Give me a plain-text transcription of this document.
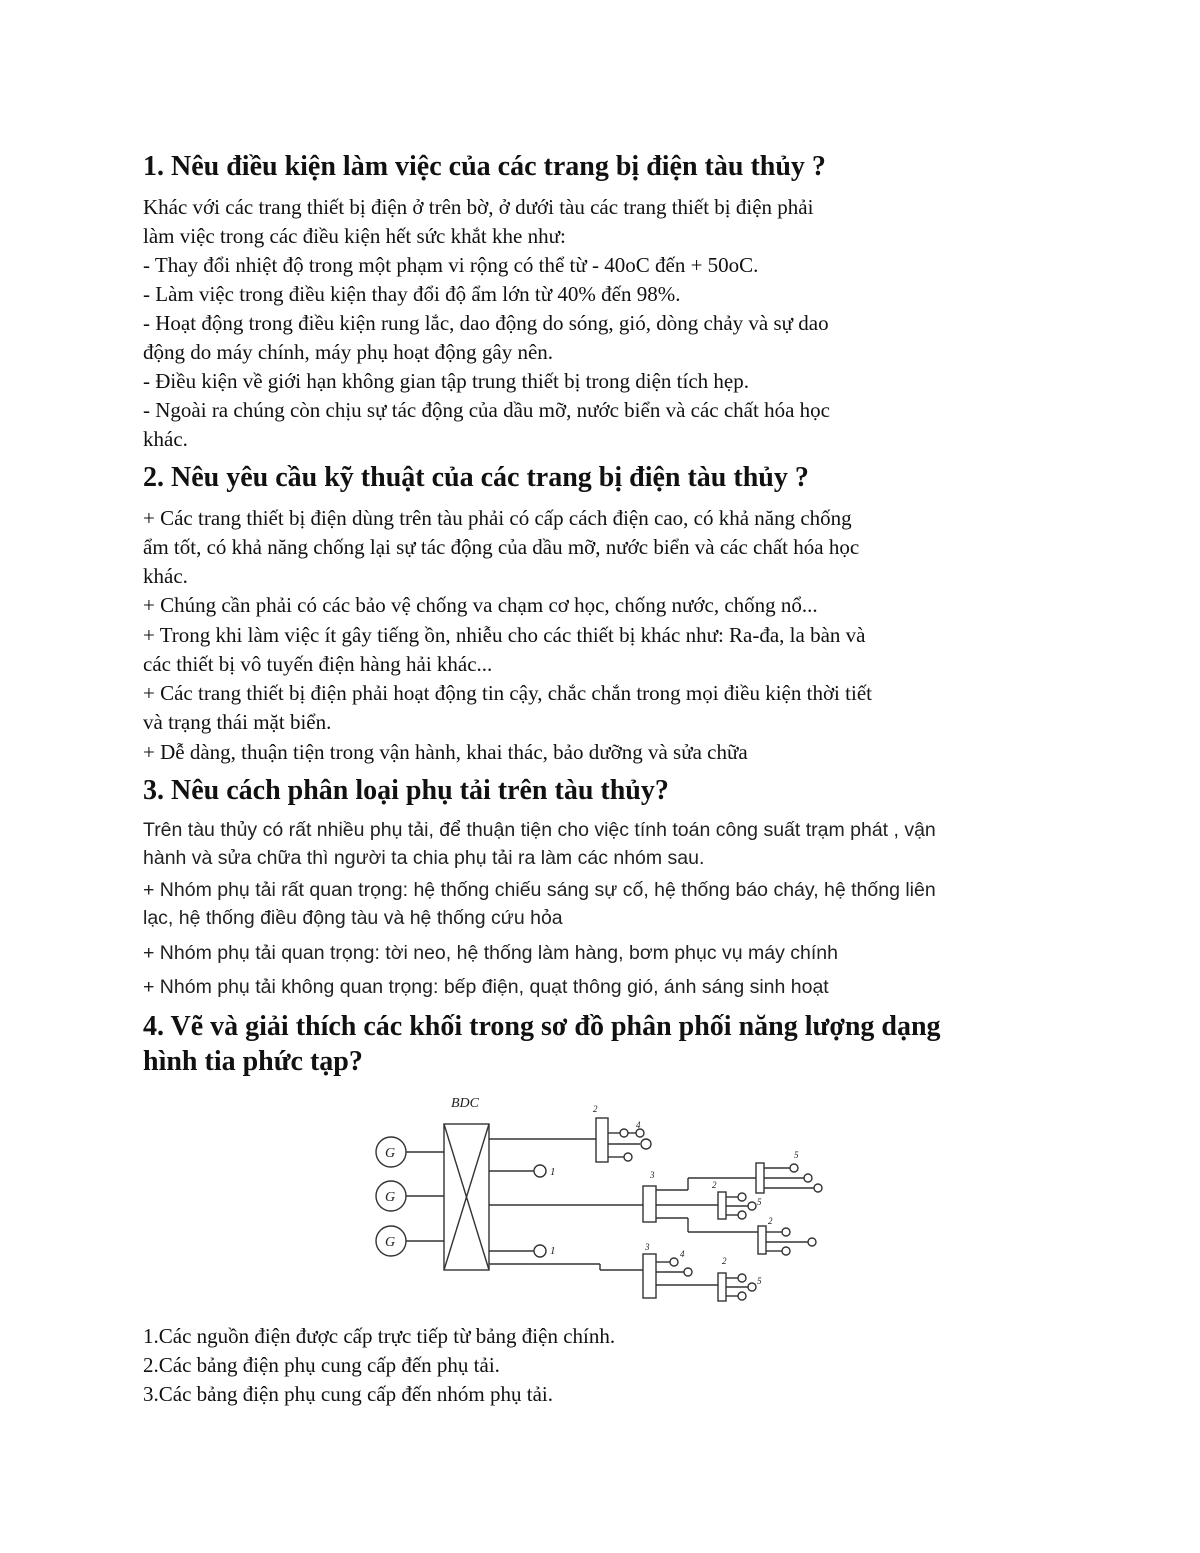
1. Nêu điều kiện làm việc của các trang bị điện tàu thủy ?

Khác với các trang thiết bị điện ở trên bờ, ở dưới tàu các trang thiết bị điện phải

làm việc trong các điều kiện hết sức khắt khe như:

- Thay đổi nhiệt độ trong một phạm vi rộng có thể từ - 40oC đến + 50oC.

- Làm việc trong điều kiện thay đổi độ ẩm lớn từ 40% đến 98%.

- Hoạt động trong điều kiện rung lắc, dao động do sóng, gió, dòng chảy và sự dao

động do máy chính, máy phụ hoạt động gây nên.

- Điều kiện về giới hạn không gian tập trung thiết bị trong diện tích hẹp.

- Ngoài ra chúng còn chịu sự tác động của dầu mỡ, nước biển và các chất hóa học

khác.

2. Nêu yêu cầu kỹ thuật của các trang bị điện tàu thủy ?

+ Các trang thiết bị điện dùng trên tàu phải có cấp cách điện cao, có khả năng chống

ẩm tốt, có khả năng chống lại sự tác động của dầu mỡ, nước biển và các chất hóa học

khác.

+ Chúng cần phải có các bảo vệ chống va chạm cơ học, chống nước, chống nổ...

+ Trong khi làm việc ít gây tiếng ồn, nhiễu cho các thiết bị khác như: Ra-đa, la bàn và

các thiết bị vô tuyến điện hàng hải khác...

+ Các trang thiết bị điện phải hoạt động tin cậy, chắc chắn trong mọi điều kiện thời tiết

và trạng thái mặt biển.

+ Dễ dàng, thuận tiện trong vận hành, khai thác, bảo dưỡng và sửa chữa

3. Nêu cách phân loại phụ tải trên tàu thủy?

Trên tàu thủy có rất nhiều phụ tải, để thuận tiện cho việc tính toán công suất trạm phát , vận

hành và sửa chữa thì người ta chia phụ tải ra làm các nhóm sau.

+ Nhóm phụ tải rất quan trọng: hệ thống chiếu sáng sự cố, hệ thống báo cháy, hệ thống liên

lạc, hệ thống điều động tàu và hệ thống cứu hỏa

+ Nhóm phụ tải quan trọng: tời neo, hệ thống làm hàng, bơm phục vụ máy chính

+ Nhóm phụ tải không quan trọng: bếp điện, quạt thông gió, ánh sáng sinh hoạt

4. Vẽ và giải thích các khối trong sơ đồ phân phối năng lượng dạng
hình tia phức tạp?

1.Các nguồn điện được cấp trực tiếp từ bảng điện chính.

2.Các bảng điện phụ cung cấp đến phụ tải.

3.Các bảng điện phụ cung cấp đến nhóm phụ tải.

BDC
G
G
G
1
1
2
4
3
2
5
5
2
3
4
2
5
